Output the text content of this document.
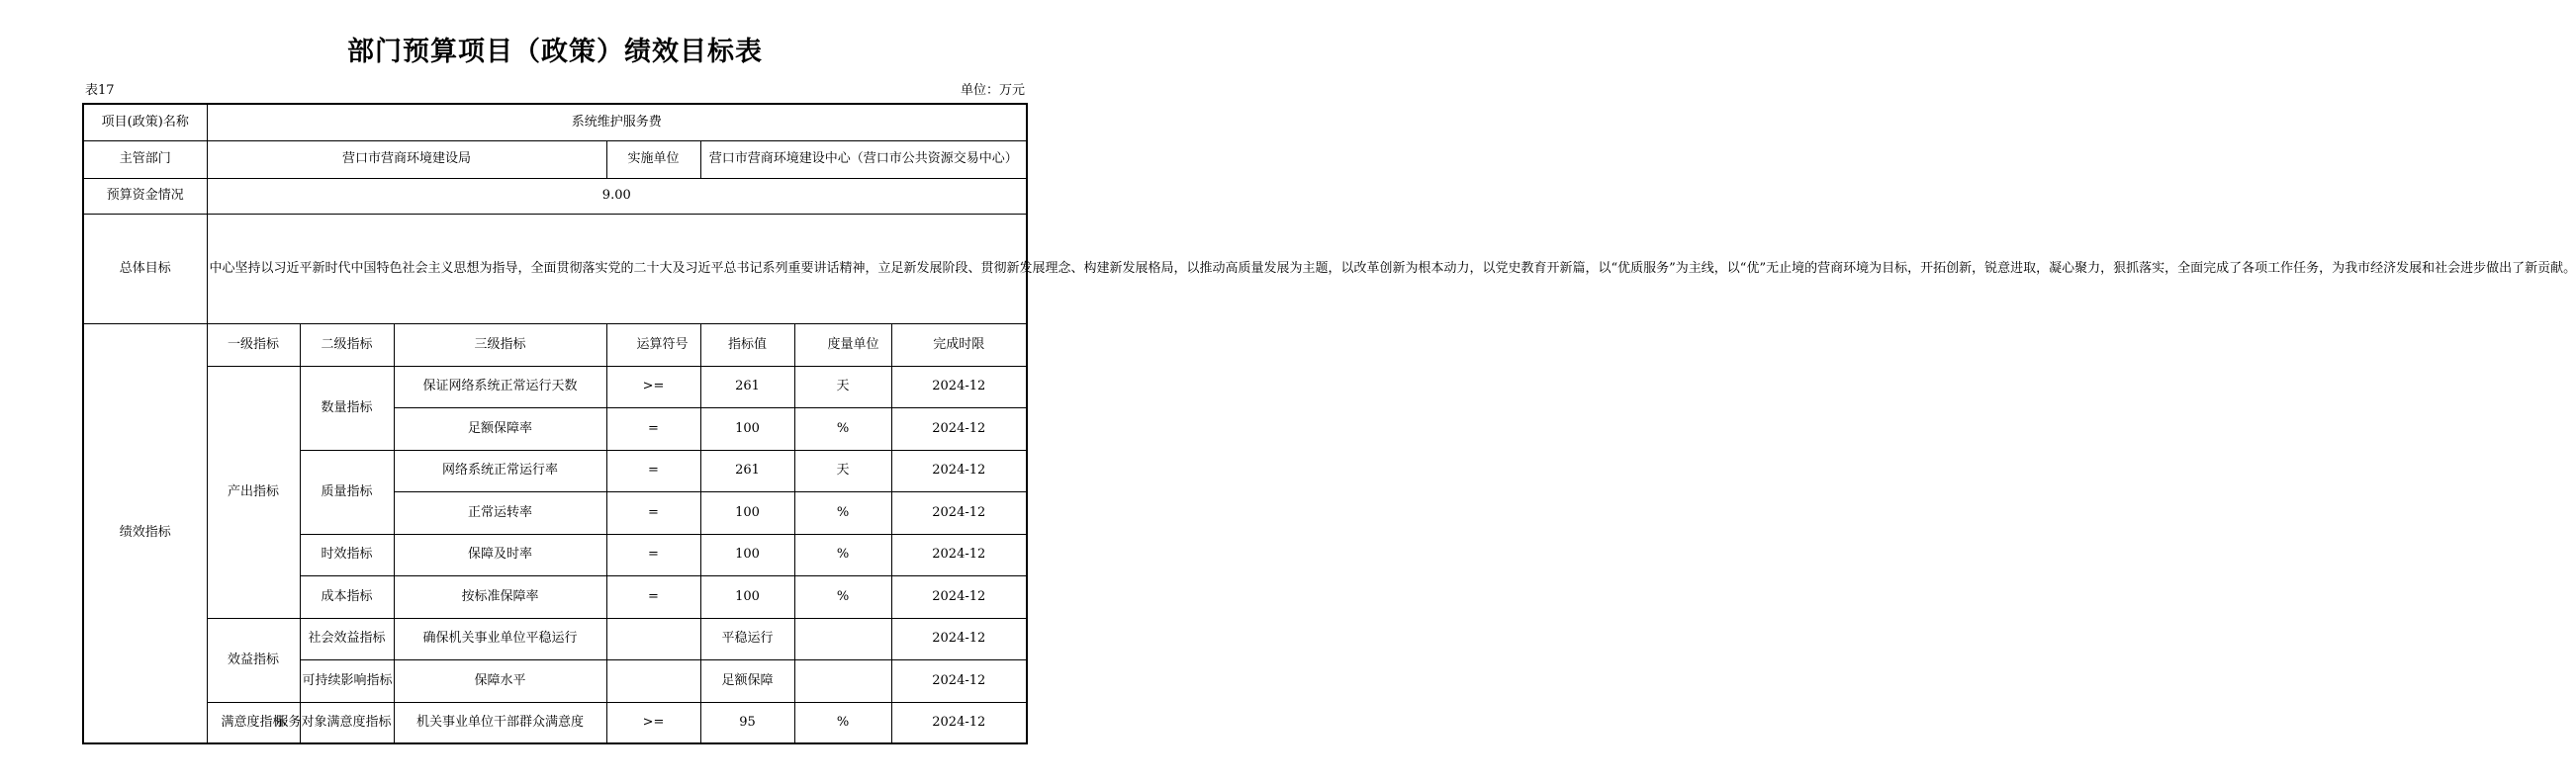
部门预算项目（政策）绩效目标表
表17	单位：万元
项目(政策)名称	系统维护服务费						
主管部门	营口市营商环境建设局			实施单位	营口市营商环境建设中心（营口市公共资源交易中心）		
预算资金情况	9.00						
总体目标	中心坚持以习近平新时代中国特色社会主义思想为指导，全面贯彻落实党的二十大及习近平总书记系列重要讲话精神，立足新发展阶段、贯彻新发展理念、构建新发展格局，以推动高质量发展为主题，以改革创新为根本动力，以党史教育开新篇，以“优质服务”为主线，以“优”无止境的营商环境为目标，开拓创新，锐意进取，凝心聚力，狠抓落实，全面完成了各项工作任务，为我市经济发展和社会进步做出了新贡献。						
绩效指标	一级指标	二级指标	三级指标	运算符号	指标值	度量单位	完成时限
	产出指标	数量指标	保证网络系统正常运行天数	>=	261	天	2024-12
			足额保障率	=	100	%	2024-12
		质量指标	网络系统正常运行率	=	261	天	2024-12
			正常运转率	=	100	%	2024-12
		时效指标	保障及时率	=	100	%	2024-12
		成本指标	按标准保障率	=	100	%	2024-12
	效益指标	社会效益指标	确保机关事业单位平稳运行		平稳运行		2024-12
		可持续影响指标	保障水平		足额保障		2024-12
	满意度指标	服务对象满意度指标	机关事业单位干部群众满意度	>=	95	%	2024-12
